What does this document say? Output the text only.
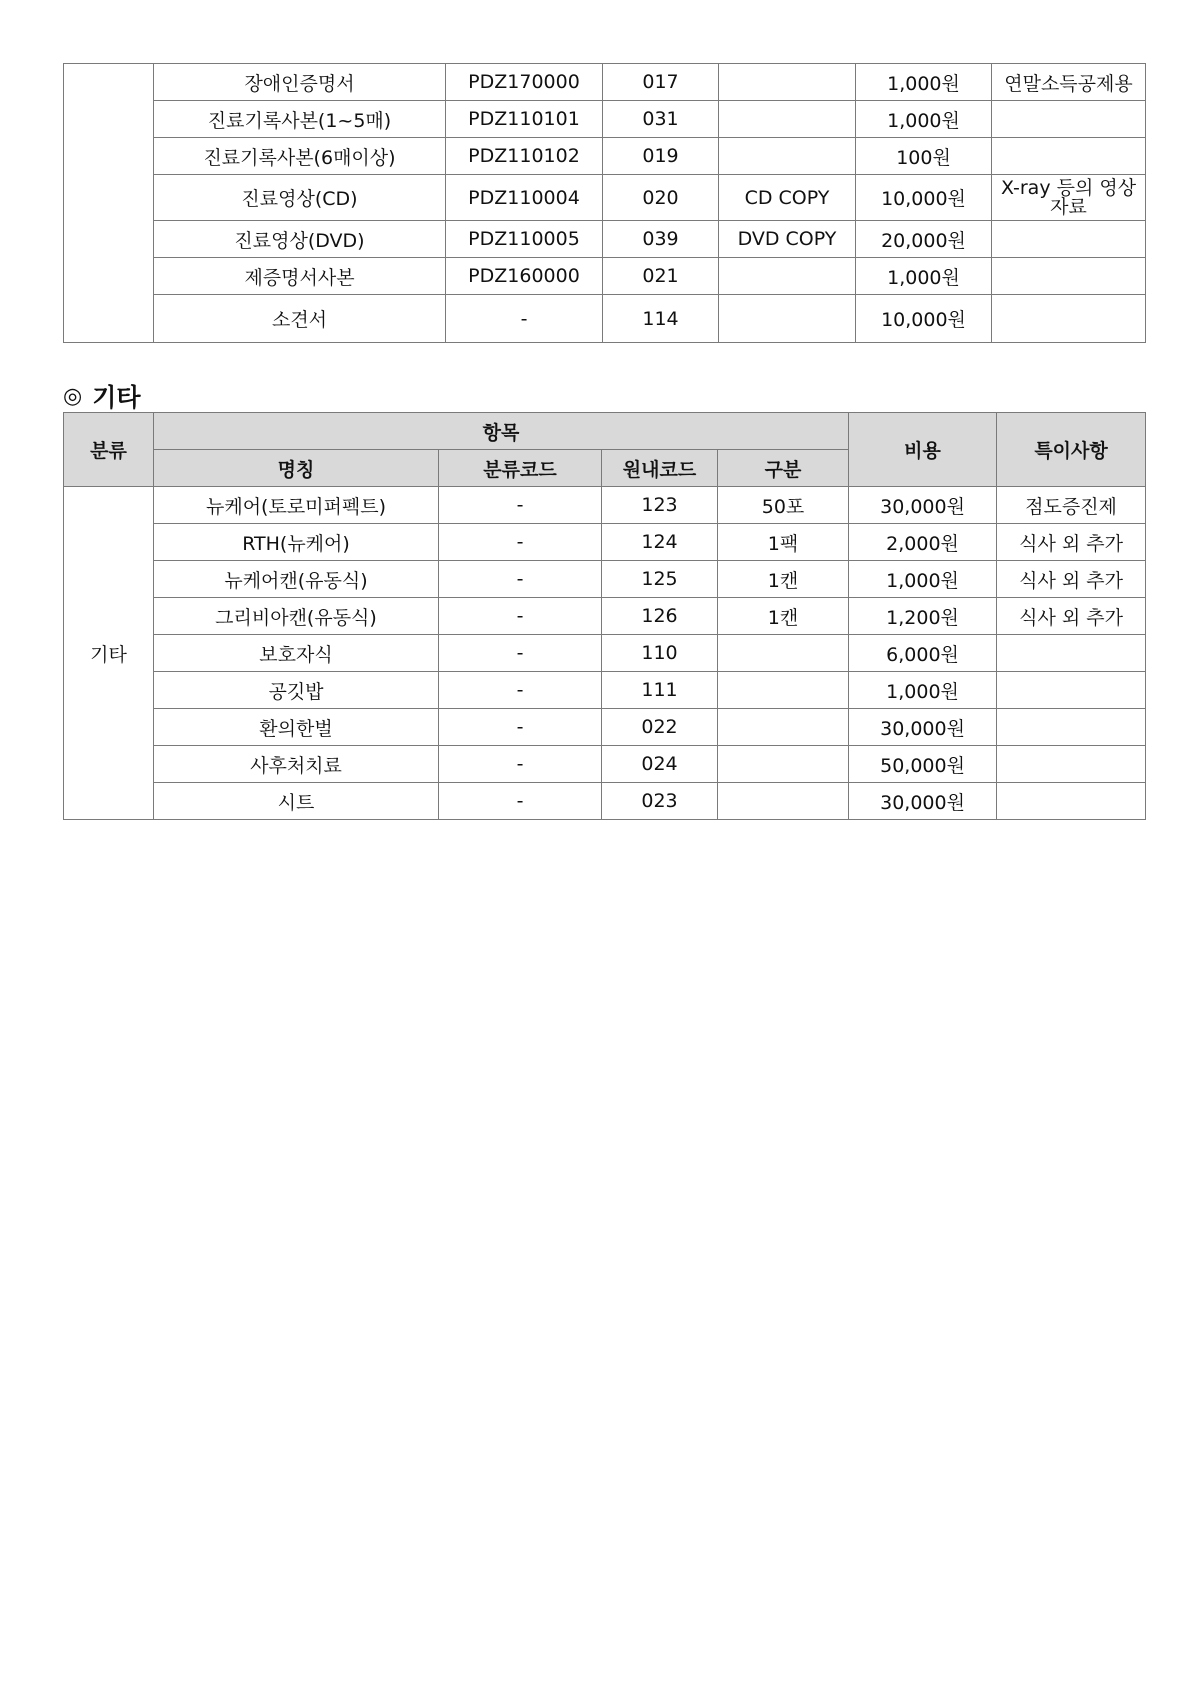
	장애인증명서	PDZ170000	017		1,000원	연말소득공제용
	진료기록사본(1~5매)	PDZ110101	031		1,000원	
	진료기록사본(6매이상)	PDZ110102	019		100원	
	진료영상(CD)	PDZ110004	020	CD COPY	10,000원	X-ray 등의 영상자료
	진료영상(DVD)	PDZ110005	039	DVD COPY	20,000원	
	제증명서사본	PDZ160000	021		1,000원	
	소견서	-	114		10,000원	
◎ 기타
분류	항목				비용	특이사항
	명칭	분류코드	원내코드	구분		
기타	뉴케어(토로미퍼펙트)	-	123	50포	30,000원	점도증진제
	RTH(뉴케어)	-	124	1팩	2,000원	식사 외 추가
	뉴케어캔(유동식)	-	125	1캔	1,000원	식사 외 추가
	그리비아캔(유동식)	-	126	1캔	1,200원	식사 외 추가
	보호자식	-	110		6,000원	
	공깃밥	-	111		1,000원	
	환의한벌	-	022		30,000원	
	사후처치료	-	024		50,000원	
	시트	-	023		30,000원	
